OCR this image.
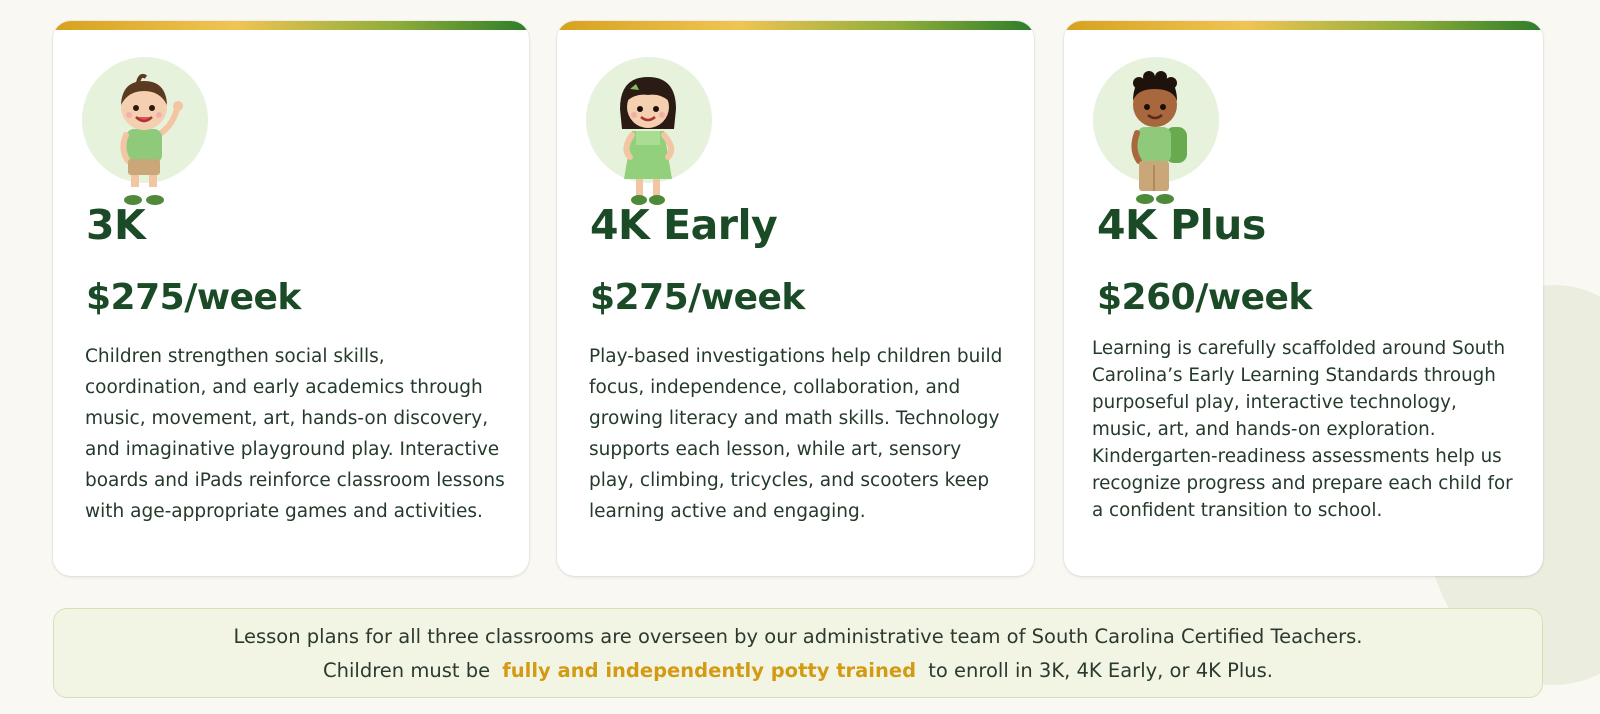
3K
$275/week

Children strengthen social skills, coordination, and early academics through music, movement, art, hands-on discovery, and imaginative playground play. Interactive boards and iPads reinforce classroom lessons with age-appropriate games and activities.

4K Early
$275/week

Play-based investigations help children build focus, independence, collaboration, and growing literacy and math skills. Technology supports each lesson, while art, sensory play, climbing, tricycles, and scooters keep learning active and engaging.

4K Plus
$260/week

Learning is carefully scaffolded around South Carolina’s Early Learning Standards through purposeful play, interactive technology, music, art, and hands-on exploration. Kindergarten-readiness assessments help us recognize progress and prepare each child for a confident transition to school.

Lesson plans for all three classrooms are overseen by our administrative team of South Carolina Certified Teachers.

Children must be fully and independently potty trained to enroll in 3K, 4K Early, or 4K Plus.
